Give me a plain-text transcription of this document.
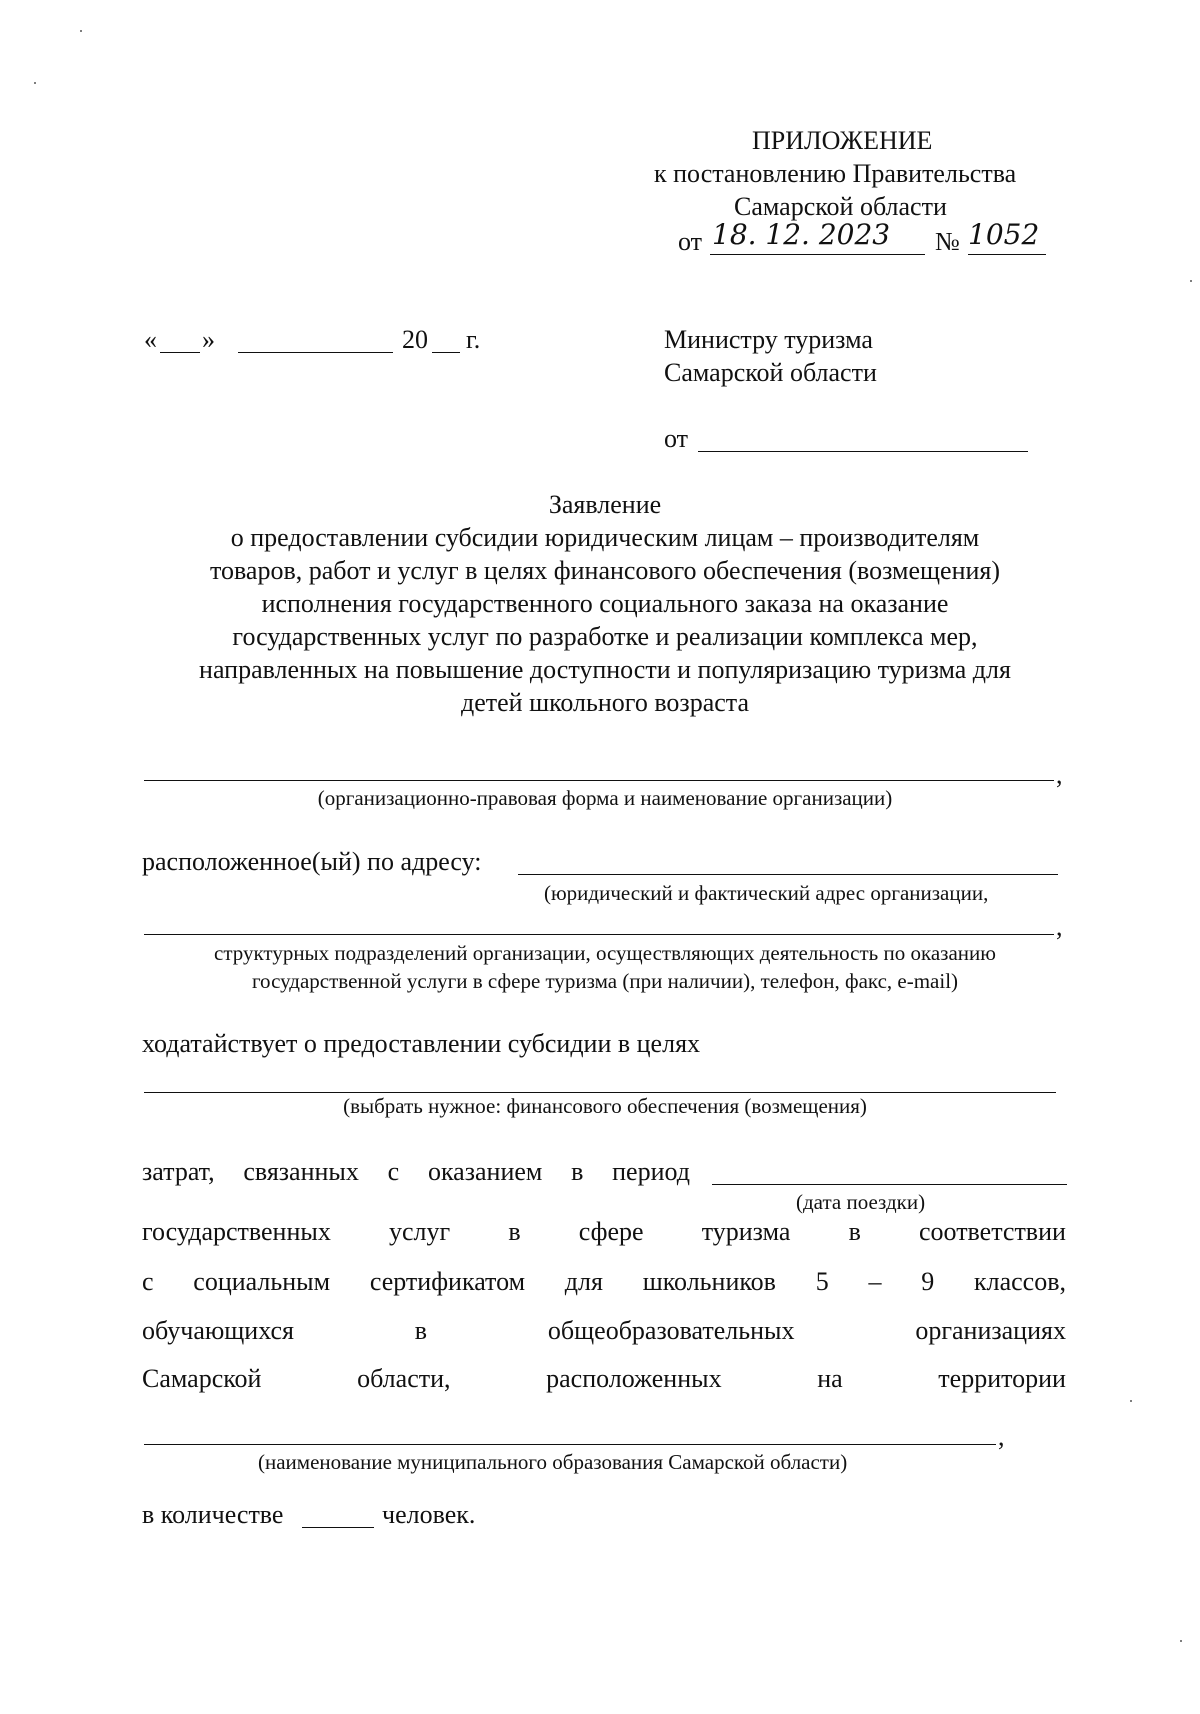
ПРИЛОЖЕНИЕ
к постановлению Правительства
Самарской области
от 18. 12. 2023 № 1052
« »	20 г.	Министру туризма
Самарской области
от
Заявление
о предоставлении субсидии юридическим лицам – производителям
товаров, работ и услуг в целях финансового обеспечения (возмещения)
исполнения государственного социального заказа на оказание
государственных услуг по разработке и реализации комплекса мер,
направленных на повышение доступности и популяризацию туризма для
детей школьного возраста
,
(организационно-правовая форма и наименование организации)
расположенное(ый) по адресу:
(юридический и фактический адрес организации,
,
структурных подразделений организации, осуществляющих деятельность по оказанию
государственной услуги в сфере туризма (при наличии), телефон, факс, e-mail)
ходатайствует о предоставлении субсидии в целях
(выбрать нужное: финансового обеспечения (возмещения)
затрат, связанных с оказанием в период
(дата поездки)
государственных услуг в сфере туризма в соответствии
с социальным сертификатом для школьников 5 – 9 классов,
обучающихся	в	общеобразовательных	организациях
Самарской	области,	расположенных	на	территории
,
(наименование муниципального образования Самарской области)
в количестве	человек.
